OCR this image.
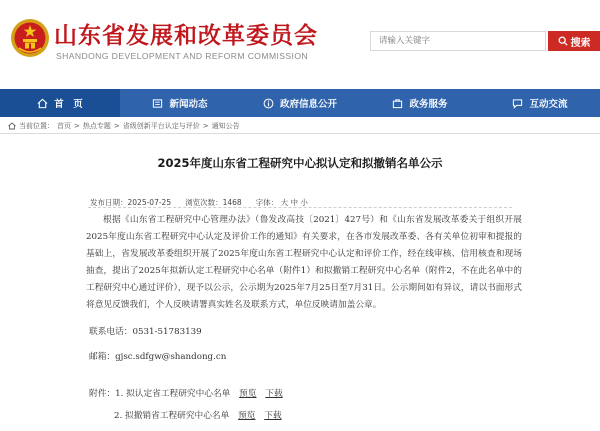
山东省发展和改革委员会
SHANDONG DEVELOPMENT AND REFORM COMMISSION
请输入关键字
搜索
首　页	新闻动态	政府信息公开	政务服务	互动交流
当前位置： 首页 > 热点专题 > 省级创新平台认定与评价 > 通知公告
2025年度山东省工程研究中心拟认定和拟撤销名单公示
发布日期：2025-07-25 浏览次数：1468 字体： 大 中 小

根据《山东省工程研究中心管理办法》（鲁发改高技〔2021〕427号）和《山东省发展改革委关于组织开展2025年度山东省工程研究中心认定及评价工作的通知》有关要求，在各市发展改革委、各有关单位初审和提报的基础上，省发展改革委组织开展了2025年度山东省工程研究中心认定和评价工作，经在线审核、信用核查和现场抽查，提出了2025年拟新认定工程研究中心名单（附件1）和拟撤销工程研究中心名单（附件2，不在此名单中的工程研究中心通过评价），现予以公示，公示期为2025年7月25日至7月31日。公示期间如有异议，请以书面形式将意见反馈我们，个人反映请署真实姓名及联系方式，单位反映请加盖公章。

联系电话：0531-51783139
邮箱：gjsc.sdfgw@shandong.cn
附件：1. 拟认定省工程研究中心名单 预览 下载
2. 拟撤销省工程研究中心名单 预览 下载
